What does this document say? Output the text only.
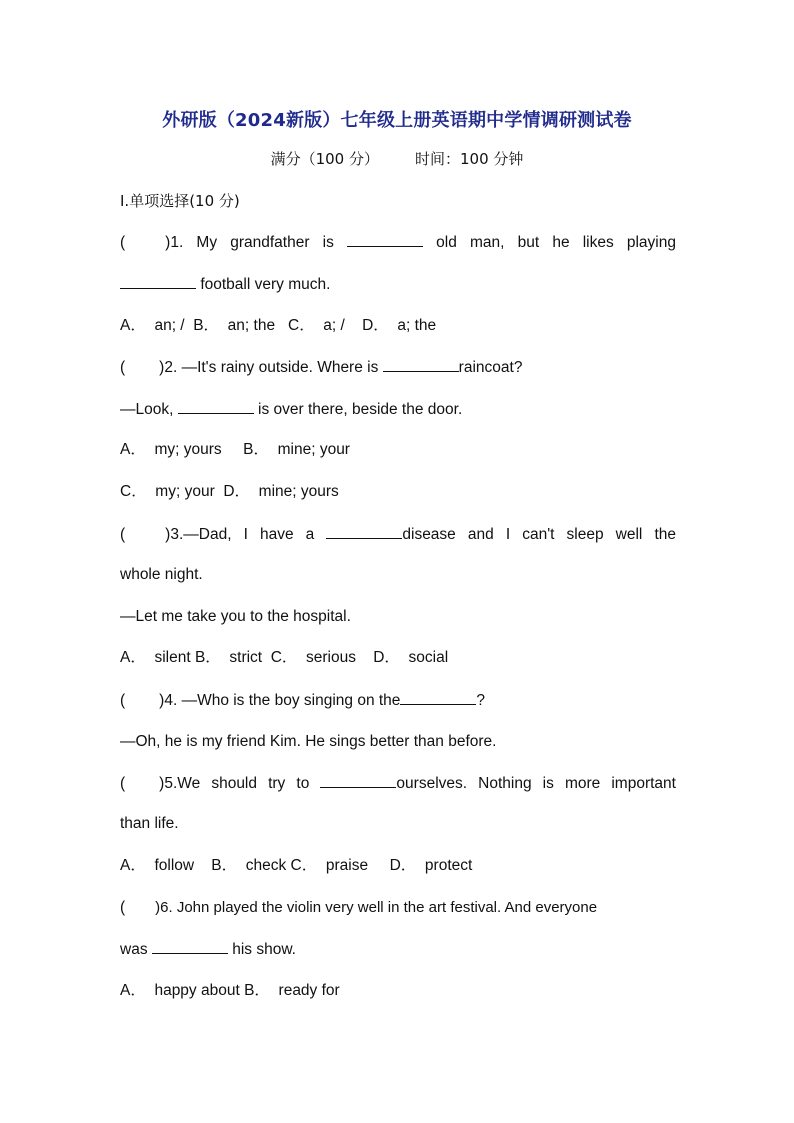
外研版（2024新版）七年级上册英语期中学情调研测试卷
满分（100 分） 时间：100 分钟
Ⅰ.单项选择(10 分)
(	)1. My grandfather is	old man, but he likes playing
football very much.
A．  an; /  B．  an; the   C．  a; /    D．  a; the
( )2. —It's rainy outside. Where is	raincoat?
—Look,	is over there, beside the door.
A．  my; yours     B．  mine; your
C．  my; your  D．  mine; yours
(	)3.—Dad, I have a	disease and I can't sleep well the
whole night.
—Let me take you to the hospital.
A．  silent B．  strict  C．  serious    D．  social
( )4. —Who is the boy singing on the	?
—Oh, he is my friend Kim. He sings better than before.
( )5.We should try to	ourselves. Nothing is more important
than life.
A．  follow    B．  check C．  praise     D．  protect
( )6. John played the violin very well in the art festival. And everyone
was	his show.
A．  happy about B．  ready for
